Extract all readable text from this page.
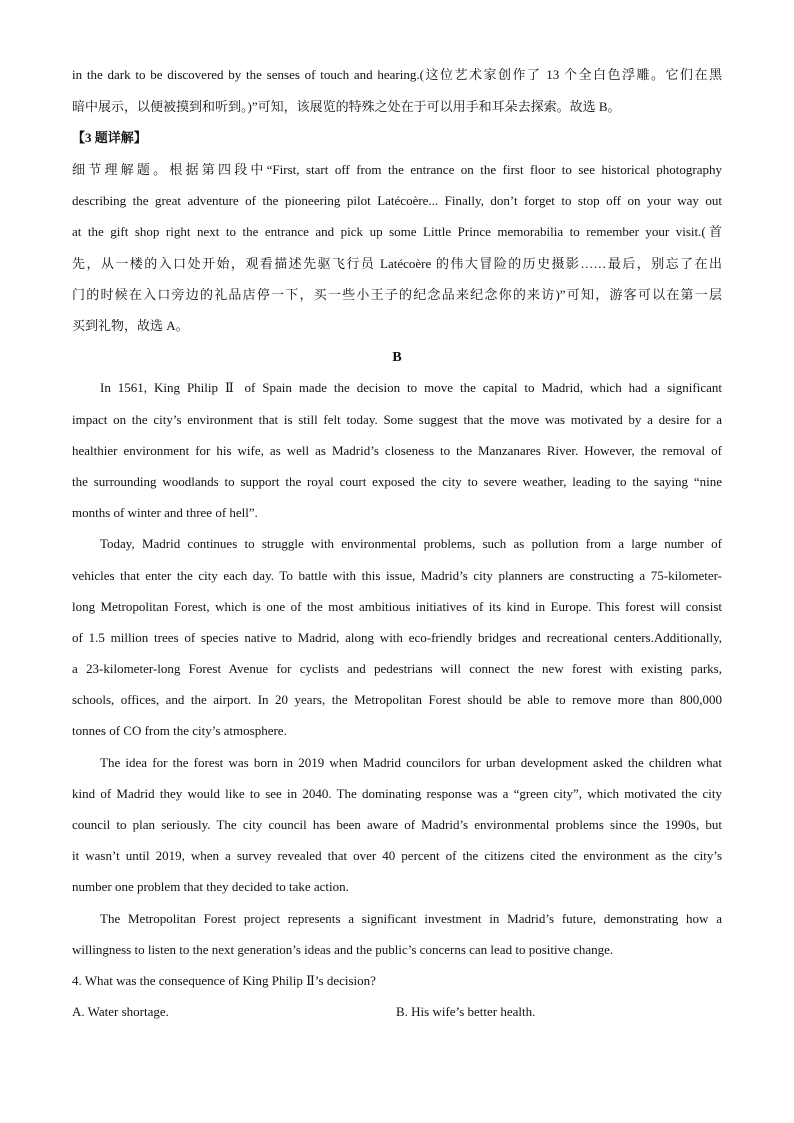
in the dark to be discovered by the senses of touch and hearing.(这位艺术家创作了 13 个全白色浮雕。它们在黑
暗中展示，以便被摸到和听到。)”可知，该展览的特殊之处在于可以用手和耳朵去探索。故选 B。
【3 题详解】
细节理解题。根据第四段中“First, start off from the entrance on the first floor to see historical photography
describing the great adventure of the pioneering pilot Latécoère... Finally, don’t forget to stop off on your way out
at the gift shop right next to the entrance and pick up some Little Prince memorabilia to remember your visit.(首
先，从一楼的入口处开始，观看描述先驱飞行员 Latécoère 的伟大冒险的历史摄影……最后，别忘了在出
门的时候在入口旁边的礼品店停一下，买一些小王子的纪念品来纪念你的来访)”可知，游客可以在第一层
买到礼物，故选 A。
B
In 1561, King Philip Ⅱ of Spain made the decision to move the capital to Madrid, which had a significant
impact on the city’s environment that is still felt today. Some suggest that the move was motivated by a desire for a
healthier environment for his wife, as well as Madrid’s closeness to the Manzanares River. However, the removal of
the surrounding woodlands to support the royal court exposed the city to severe weather, leading to the saying “nine
months of winter and three of hell”.
Today, Madrid continues to struggle with environmental problems, such as pollution from a large number of
vehicles that enter the city each day. To battle with this issue, Madrid’s city planners are constructing a 75-kilometer-
long Metropolitan Forest, which is one of the most ambitious initiatives of its kind in Europe. This forest will consist
of 1.5 million trees of species native to Madrid, along with eco-friendly bridges and recreational centers.Additionally,
a 23-kilometer-long Forest Avenue for cyclists and pedestrians will connect the new forest with existing parks,
schools, offices, and the airport. In 20 years, the Metropolitan Forest should be able to remove more than 800,000
tonnes of CO from the city’s atmosphere.
The idea for the forest was born in 2019 when Madrid councilors for urban development asked the children what
kind of Madrid they would like to see in 2040. The dominating response was a “green city”, which motivated the city
council to plan seriously. The city council has been aware of Madrid’s environmental problems since the 1990s, but
it wasn’t until 2019, when a survey revealed that over 40 percent of the citizens cited the environment as the city’s
number one problem that they decided to take action.
The Metropolitan Forest project represents a significant investment in Madrid’s future, demonstrating how a
willingness to listen to the next generation’s ideas and the public’s concerns can lead to positive change.
4. What was the consequence of King Philip Ⅱ’s decision?
A. Water shortage.	B. His wife’s better health.
